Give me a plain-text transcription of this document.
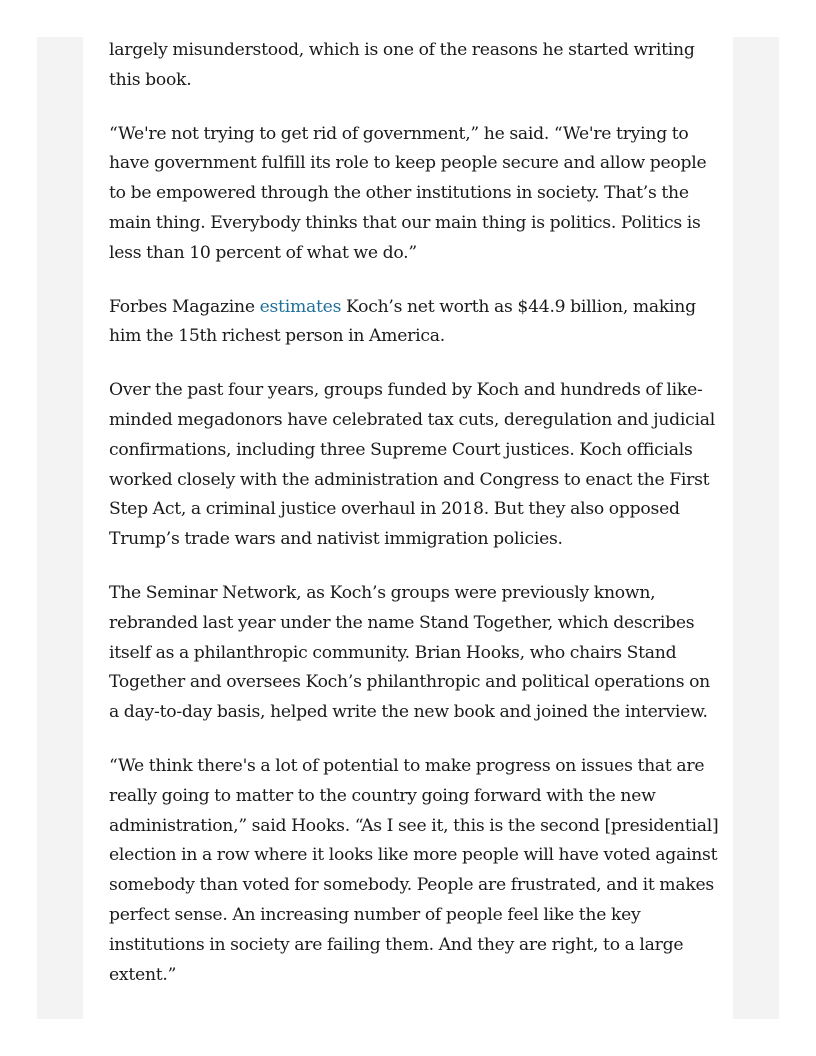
largely misunderstood, which is one of the reasons he started writing this book.

“We're not trying to get rid of government,” he said. “We're trying to have government fulfill its role to keep people secure and allow people to be empowered through the other institutions in society. That’s the main thing. Everybody thinks that our main thing is politics. Politics is less than 10 percent of what we do.”

Forbes Magazine estimates Koch’s net worth as $44.9 billion, making him the 15th richest person in America.

Over the past four years, groups funded by Koch and hundreds of like-minded megadonors have celebrated tax cuts, deregulation and judicial confirmations, including three Supreme Court justices. Koch officials worked closely with the administration and Congress to enact the First Step Act, a criminal justice overhaul in 2018. But they also opposed Trump’s trade wars and nativist immigration policies.

The Seminar Network, as Koch’s groups were previously known, rebranded last year under the name Stand Together, which describes itself as a philanthropic community. Brian Hooks, who chairs Stand Together and oversees Koch’s philanthropic and political operations on a day-to-day basis, helped write the new book and joined the interview.

“We think there's a lot of potential to make progress on issues that are really going to matter to the country going forward with the new administration,” said Hooks. “As I see it, this is the second [presidential] election in a row where it looks like more people will have voted against somebody than voted for somebody. People are frustrated, and it makes perfect sense. An increasing number of people feel like the key institutions in society are failing them. And they are right, to a large extent.”
